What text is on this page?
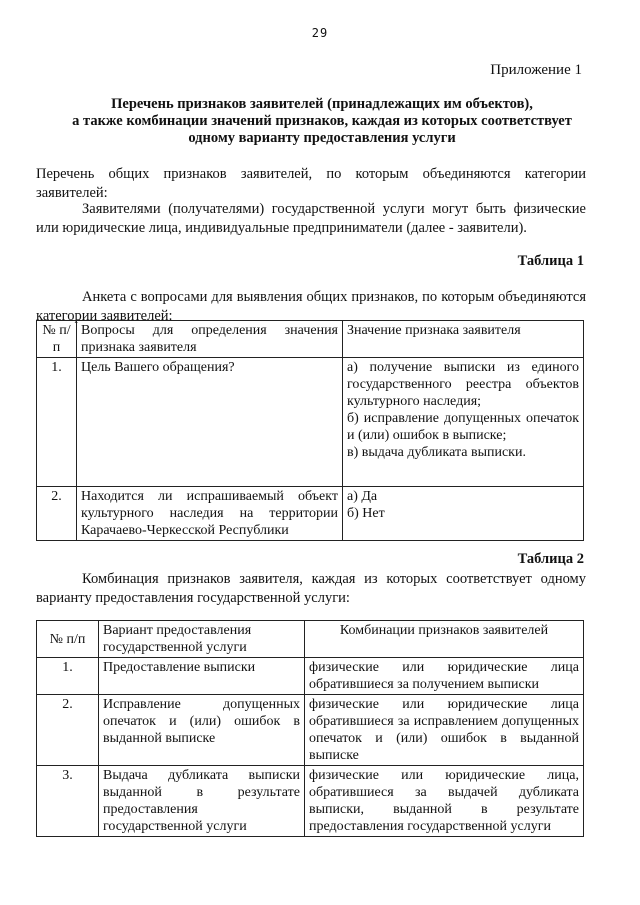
29
Приложение 1
Перечень признаков заявителей (принадлежащих им объектов),
а также комбинации значений признаков, каждая из которых соответствует
одному варианту предоставления услуги
Перечень общих признаков заявителей, по которым объединяются категории заявителей:
Заявителями (получателями) государственной услуги могут быть физические или юридические лица, индивидуальные предприниматели (далее - заявители).
Таблица 1
Анкета с вопросами для выявления общих признаков, по которым объединяются категории заявителей:
№ п/п	Вопросы для определения значения признака заявителя	Значение признака заявителя
1.	Цель Вашего обращения?	а) получение выписки из единого государственного реестра объектов культурного наследия;
б) исправление допущенных опечаток и (или) ошибок в выписке;
в) выдача дубликата выписки.

2.	Находится ли испрашиваемый объект культурного наследия на территории Карачаево-Черкесской Республики	а) Да
б) Нет
Таблица 2
Комбинация признаков заявителя, каждая из которых соответствует одному варианту предоставления государственной услуги:
№ п/п	Вариант предоставления государственной услуги	Комбинации признаков заявителей
1.	Предоставление выписки	физические или юридические лица обратившиеся за получением выписки
2.	Исправление допущенных опечаток и (или) ошибок в выданной выписке	физические или юридические лица обратившиеся за исправлением допущенных опечаток и (или) ошибок в выданной выписке
3.	Выдача дубликата выписки выданной в результате предоставления государственной услуги	физические или юридические лица, обратившиеся за выдачей дубликата выписки, выданной в результате предоставления государственной услуги
